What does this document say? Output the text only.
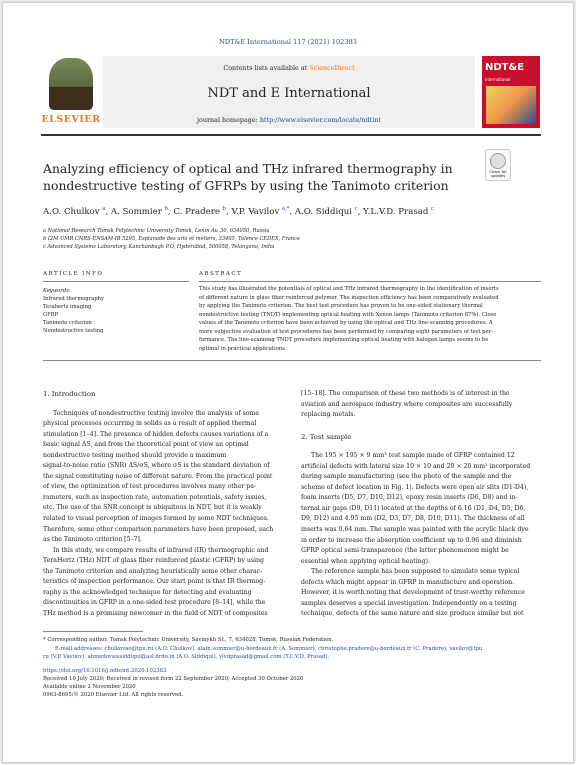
NDT&E International 117 (2021) 102383
ELSEVIER
Contents lists available at ScienceDirect
NDT and E International
journal homepage: http://www.elsevier.com/locate/ndtint
NDT&E
international
Analyzing efficiency of optical and THz infrared thermography in
nondestructive testing of GFRPs by using the Tanimoto criterion
Check for updates
A.O. Chulkov $^a$, A. Sommier $^b$, C. Pradere $^b$, V.P. Vavilov $^{a,*}$, A.O. Siddiqui $^c$, Y.L.V.D. Prasad $^c$
a National Research Tomsk Polytechnic University Tomsk, Lenin Av. 30, 634050, Russia
b I2M UMR CNRS-ENSAM-IB 5295, Esplanade des arts et métiers, 33405, Talence CEDEX, France
c Advanced Systems Laboratory, Kanchanbagh P.O, Hyderabad, 500058, Telangana, India
ARTICLE INFO	ABSTRACT
Keywords:
Infrared thermography
Terahertz imaging
GFRP
Tanimoto criterion
Nondestructive testing
This study has illustrated the potentials of optical and THz infrared thermography in the identification of inserts
of different nature in glass fiber reinforced polymer. The inspection efficiency has been comparatively evaluated
by applying the Tanimoto criterion. The best test procedure has proven to be one-sided stationary thermal
nondestructive testing (TNDT) implementing optical heating with Xenon lamps (Tanimoto criterion 87%). Close
values of the Tanimoto criterion have been achieved by using the optical and THz line-scanning procedures. A
more subjective evaluation of test procedures has been performed by comparing eight parameters of test per-
formance. The line-scanning TNDT procedure implementing optical heating with halogen lamps seems to be
optimal in practical applications.
1. Introduction
Techniques of nondestructive testing involve the analysis of some
physical processes occurring in solids as a result of applied thermal
stimulation [1–4]. The presence of hidden defects causes variations of a
basic signal ΔS, and from the theoretical point of view an optimal
nondestructive testing method should provide a maximum
signal-to-noise ratio (SNR) ΔS/σS, where σS is the standard deviation of
the signal constituting noise of different nature. From the practical point
of view, the optimization of test procedures involves many other pa-
rameters, such as inspection rate, automation potentials, safety issues,
etc. The use of the SNR concept is ubiquitous in NDT, but it is weakly
related to visual perception of images formed by some NDT techniques.
Therefore, some other comparison parameters have been proposed, such
as the Tanimoto criterion [5–7].
In this study, we compare results of infrared (IR) thermographic and
TeraHertz (THz) NDT of glass fiber reinforced plastic (GFRP) by using
the Tanimoto criterion and analyzing heuristically some other charac-
teristics of inspection performance. Our start point is that IR thermog-
raphy is the acknowledged technique for detecting and evaluating
discontinuities in GFRP in a one-sided test procedure [8–14], while the
THz method is a promising newcomer in the field of NDT of composites
[15–18]. The comparison of these two methods is of interest in the
aviation and aerospace industry where composites are successfully
replacing metals.
2. Test sample
The 195 × 195 × 9 mm³ test sample made of GFRP contained 12
artificial defects with lateral size 10 × 10 and 20 × 20 mm² incorporated
during sample manufacturing (see the photo of the sample and the
scheme of defect location in Fig. 1). Defects were open air slits (D1-D4),
foam inserts (D5, D7, D10, D12), epoxy resin inserts (D6, D8) and in-
ternal air gaps (D9, D11) located at the depths of 6.16 (D1, D4, D5, D6,
D9, D12) and 4.95 mm (D2, D3, D7, D8, D10, D11). The thickness of all
inserts was 0.64 mm. The sample was painted with the acrylic black dye
in order to increase the absorption coefficient up to 0.96 and diminish
GFRP optical semi-transparence (the latter phenomenon might be
essential when applying optical heating).
The reference sample has been supposed to simulate some typical
defects which might appear in GFRP in manufacture and operation.
However, it is worth noting that development of trust-worthy reference
samples deserves a special investigation. Independently on a testing
technique, defects of the same nature and size produce similar but not
* Corresponding author. Tomsk Polytechnic University, Savinykh St., 7, 634028, Tomsk, Russian Federation.
E-mail addresses: chulkovao@tpu.ru (A.O. Chulkov), alain.sommier@u-bordeaux.fr (A. Sommier), christophe.pradere@u-bordeaux.fr (C. Pradere), vavilov@tpu.
ru (V.P. Vavilov), ahmedovaissiddiqui@asl.drdo.in (A.O. Siddiqui), ylvdprasad@gmail.com (Y.L.V.D. Prasad).
https://doi.org/10.1016/j.ndteint.2020.102383
Received 10 July 2020; Received in revised form 22 September 2020; Accepted 30 October 2020
Available online 2 November 2020
0963-8695/© 2020 Elsevier Ltd. All rights reserved.
